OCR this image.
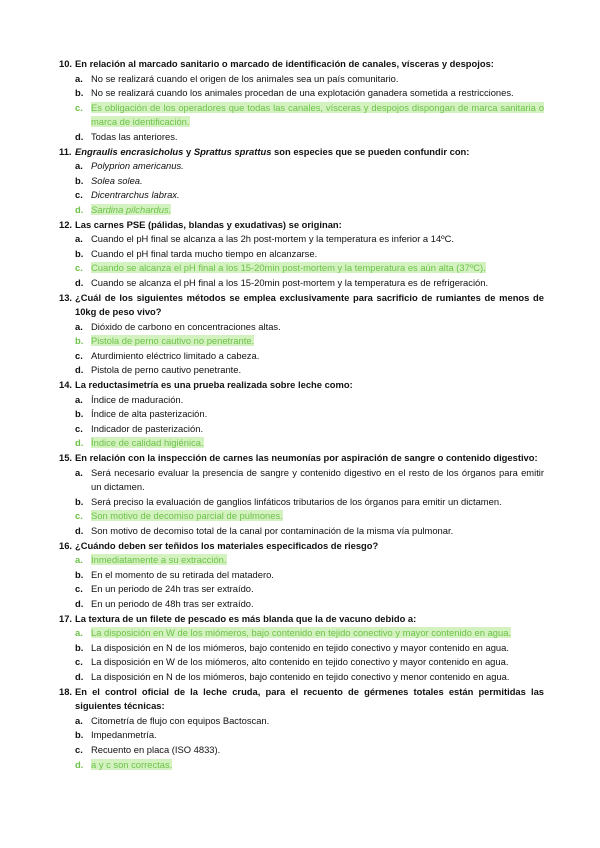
10. En relación al marcado sanitario o marcado de identificación de canales, vísceras y despojos:
a. No se realizará cuando el origen de los animales sea un país comunitario.
b. No se realizará cuando los animales procedan de una explotación ganadera sometida a restricciones.
c. Es obligación de los operadores que todas las canales, vísceras y despojos dispongan de marca sanitaria o marca de identificación.
d. Todas las anteriores.
11. Engraulis encrasicholus y Sprattus sprattus son especies que se pueden confundir con:
a. Polyprion americanus.
b. Solea solea.
c. Dicentrarchus labrax.
d. Sardina pilchardus.
12. Las carnes PSE (pálidas, blandas y exudativas) se originan:
a. Cuando el pH final se alcanza a las 2h post-mortem y la temperatura es inferior a 14ºC.
b. Cuando el pH final tarda mucho tiempo en alcanzarse.
c. Cuando se alcanza el pH final a los 15-20min post-mortem y la temperatura es aún alta (37ºC).
d. Cuando se alcanza el pH final a los 15-20min post-mortem y la temperatura es de refrigeración.
13. ¿Cuál de los siguientes métodos se emplea exclusivamente para sacrificio de rumiantes de menos de 10kg de peso vivo?
a. Dióxido de carbono en concentraciones altas.
b. Pistola de perno cautivo no penetrante.
c. Aturdimiento eléctrico limitado a cabeza.
d. Pistola de perno cautivo penetrante.
14. La reductasimetría es una prueba realizada sobre leche como:
a. Índice de maduración.
b. Índice de alta pasterización.
c. Indicador de pasterización.
d. Índice de calidad higiénica.
15. En relación con la inspección de carnes las neumonías por aspiración de sangre o contenido digestivo:
a. Será necesario evaluar la presencia de sangre y contenido digestivo en el resto de los órganos para emitir un dictamen.
b. Será preciso la evaluación de ganglios linfáticos tributarios de los órganos para emitir un dictamen.
c. Son motivo de decomiso parcial de pulmones.
d. Son motivo de decomiso total de la canal por contaminación de la misma vía pulmonar.
16. ¿Cuándo deben ser teñidos los materiales especificados de riesgo?
a. Inmediatamente a su extracción.
b. En el momento de su retirada del matadero.
c. En un periodo de 24h tras ser extraído.
d. En un periodo de 48h tras ser extraído.
17. La textura de un filete de pescado es más blanda que la de vacuno debido a:
a. La disposición en W de los miómeros, bajo contenido en tejido conectivo y mayor contenido en agua.
b. La disposición en N de los miómeros, bajo contenido en tejido conectivo y mayor contenido en agua.
c. La disposición en W de los miómeros, alto contenido en tejido conectivo y mayor contenido en agua.
d. La disposición en N de los miómeros, bajo contenido en tejido conectivo y menor contenido en agua.
18. En el control oficial de la leche cruda, para el recuento de gérmenes totales están permitidas las siguientes técnicas:
a. Citometría de flujo con equipos Bactoscan.
b. Impedanmetría.
c. Recuento en placa (ISO 4833).
d. a y c son correctas.
